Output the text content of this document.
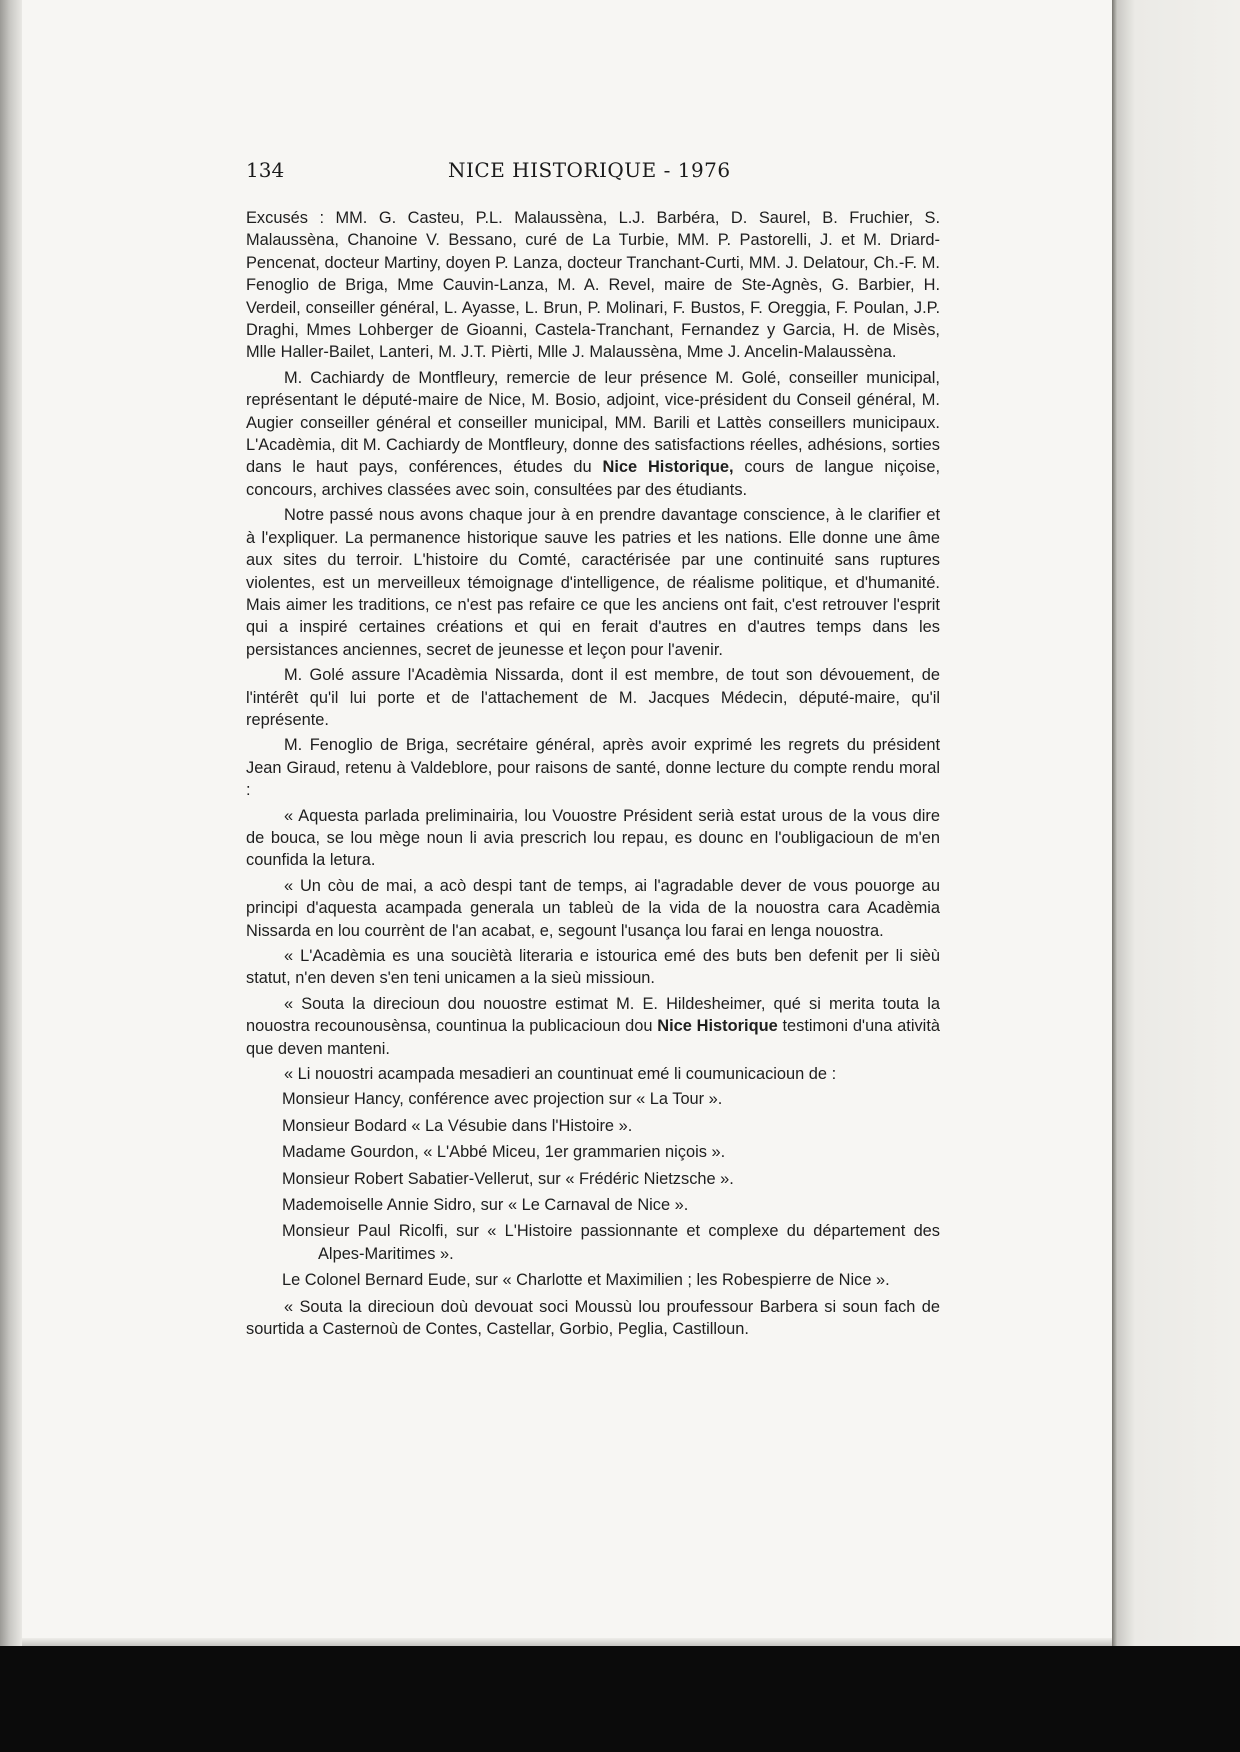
134	NICE HISTORIQUE - 1976

Excusés : MM. G. Casteu, P.L. Malaussèna, L.J. Barbéra, D. Saurel, B. Fruchier, S. Malaussèna, Chanoine V. Bessano, curé de La Turbie, MM. P. Pastorelli, J. et M. Driard-Pencenat, docteur Martiny, doyen P. Lanza, docteur Tranchant-Curti, MM. J. Delatour, Ch.-F. M. Fenoglio de Briga, Mme Cauvin-Lanza, M. A. Revel, maire de Ste-Agnès, G. Barbier, H. Verdeil, conseiller général, L. Ayasse, L. Brun, P. Molinari, F. Bustos, F. Oreggia, F. Poulan, J.P. Draghi, Mmes Lohberger de Gioanni, Castela-Tranchant, Fernandez y Garcia, H. de Misès, Mlle Haller-Bailet, Lanteri, M. J.T. Pièrti, Mlle J. Malaussèna, Mme J. Ancelin-Malaussèna.

M. Cachiardy de Montfleury, remercie de leur présence M. Golé, conseiller municipal, représentant le député-maire de Nice, M. Bosio, adjoint, vice-président du Conseil général, M. Augier conseiller général et conseiller municipal, MM. Barili et Lattès conseillers municipaux. L'Acadèmia, dit M. Cachiardy de Montfleury, donne des satisfactions réelles, adhésions, sorties dans le haut pays, conférences, études du Nice Historique, cours de langue niçoise, concours, archives classées avec soin, consultées par des étudiants.

Notre passé nous avons chaque jour à en prendre davantage conscience, à le clarifier et à l'expliquer. La permanence historique sauve les patries et les nations. Elle donne une âme aux sites du terroir. L'histoire du Comté, caractérisée par une continuité sans ruptures violentes, est un merveilleux témoignage d'intelligence, de réalisme politique, et d'humanité. Mais aimer les traditions, ce n'est pas refaire ce que les anciens ont fait, c'est retrouver l'esprit qui a inspiré certaines créations et qui en ferait d'autres en d'autres temps dans les persistances anciennes, secret de jeunesse et leçon pour l'avenir.

M. Golé assure l'Acadèmia Nissarda, dont il est membre, de tout son dévouement, de l'intérêt qu'il lui porte et de l'attachement de M. Jacques Médecin, député-maire, qu'il représente.

M. Fenoglio de Briga, secrétaire général, après avoir exprimé les regrets du président Jean Giraud, retenu à Valdeblore, pour raisons de santé, donne lecture du compte rendu moral :

« Aquesta parlada preliminairia, lou Vouostre Président serià estat urous de la vous dire de bouca, se lou mège noun li avia prescrich lou repau, es dounc en l'oubligacioun de m'en counfida la letura.

« Un còu de mai, a acò despi tant de temps, ai l'agradable dever de vous pouorge au principi d'aquesta acampada generala un tableù de la vida de la nouostra cara Acadèmia Nissarda en lou courrènt de l'an acabat, e, segount l'usança lou farai en lenga nouostra.

« L'Acadèmia es una souciètà literaria e istourica emé des buts ben defenit per li sièù statut, n'en deven s'en teni unicamen a la sieù missioun.

« Souta la direcioun dou nouostre estimat M. E. Hildesheimer, qué si merita touta la nouostra recounousènsa, countinua la publicacioun dou Nice Historique testimoni d'una atività que deven manteni.

« Li nouostri acampada mesadieri an countinuat emé li coumunicacioun de :

Monsieur Hancy, conférence avec projection sur « La Tour ».

Monsieur Bodard « La Vésubie dans l'Histoire ».

Madame Gourdon, « L'Abbé Miceu, 1er grammarien niçois ».

Monsieur Robert Sabatier-Vellerut, sur « Frédéric Nietzsche ».

Mademoiselle Annie Sidro, sur « Le Carnaval de Nice ».

Monsieur Paul Ricolfi, sur « L'Histoire passionnante et complexe du département des Alpes-Maritimes ».

Le Colonel Bernard Eude, sur « Charlotte et Maximilien ; les Robespierre de Nice ».

« Souta la direcioun doù devouat soci Moussù lou proufessour Barbera si soun fach de sourtida a Casternoù de Contes, Castellar, Gorbio, Peglia, Castilloun.
